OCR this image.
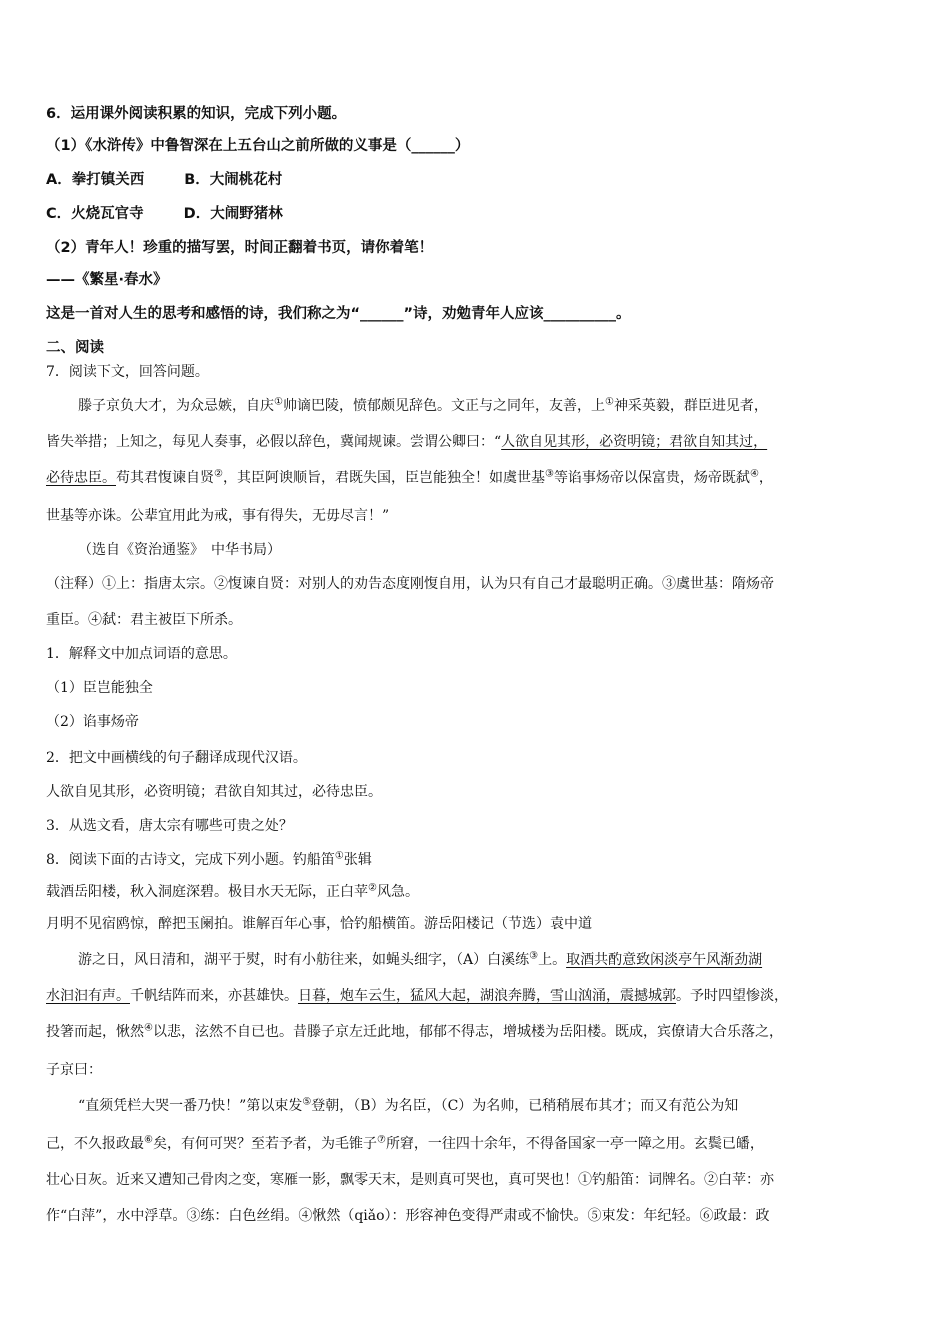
6．运用课外阅读积累的知识，完成下列小题。
（1）《水浒传》中鲁智深在上五台山之前所做的义事是（______）
A．拳打镇关西	B．大闹桃花村
C．火烧瓦官寺	D．大闹野猪林
（2）青年人！珍重的描写罢，时间正翻着书页，请你着笔！
——《繁星·春水》
这是一首对人生的思考和感悟的诗，我们称之为“______”诗，劝勉青年人应该__________。
二、阅读
7．阅读下文，回答问题。
滕子京负大才，为众忌嫉，自庆①帅谪巴陵，愤郁颇见辞色。文正与之同年，友善，上①神采英毅，群臣进见者，
皆失举措；上知之，每见人奏事，必假以辞色，冀闻规谏。尝谓公卿曰：“人欲自见其形，必资明镜；君欲自知其过，
必待忠臣。苟其君愎谏自贤②，其臣阿谀顺旨，君既失国，臣岂能独全！如虞世基③等谄事炀帝以保富贵，炀帝既弑④，
世基等亦诛。公辈宜用此为戒，事有得失，无毋尽言！”
（选自《资治通鉴》　中华书局）
（注释）①上：指唐太宗。②愎谏自贤：对别人的劝告态度刚愎自用，认为只有自己才最聪明正确。③虞世基：隋炀帝
重臣。④弑：君主被臣下所杀。
1．解释文中加点词语的意思。
（1）臣岂能独全
（2）谄事炀帝
2．把文中画横线的句子翻译成现代汉语。
人欲自见其形，必资明镜；君欲自知其过，必待忠臣。
3．从选文看，唐太宗有哪些可贵之处？
8．阅读下面的古诗文，完成下列小题。钓船笛①张辑
载酒岳阳楼，秋入洞庭深碧。极目水天无际，正白苹②风急。
月明不见宿鸥惊，醉把玉阑拍。谁解百年心事，恰钓船横笛。游岳阳楼记（节选）袁中道
游之日，风日清和，湖平于熨，时有小舫往来，如蝇头细字，（A）白溪练③上。取酒共酌意致闲淡亭午风渐劲湖
水汩汩有声。千帆结阵而来，亦甚雄快。日暮，炮车云生，猛风大起，湖浪奔腾，雪山汹涌，震撼城郭。予时四望惨淡，
投箸而起，愀然④以悲，泫然不自已也。昔滕子京左迁此地，郁郁不得志，增城楼为岳阳楼。既成，宾僚请大合乐落之，
子京曰：
“直须凭栏大哭一番乃快！”第以束发⑤登朝，（B）为名臣，（C）为名帅，已稍稍展布其才；而又有范公为知
己，不久报政最⑥矣，有何可哭？至若予者，为毛锥子⑦所窘，一往四十余年，不得备国家一亭一障之用。玄鬓已皤，
壮心日灰。近来又遭知己骨肉之变，寒雁一影，飘零天末，是则真可哭也，真可哭也！①钓船笛：词牌名。②白苹：亦
作“白萍”，水中浮草。③练：白色丝绢。④愀然（qiǎo）：形容神色变得严肃或不愉快。⑤束发：年纪轻。⑥政最：政
